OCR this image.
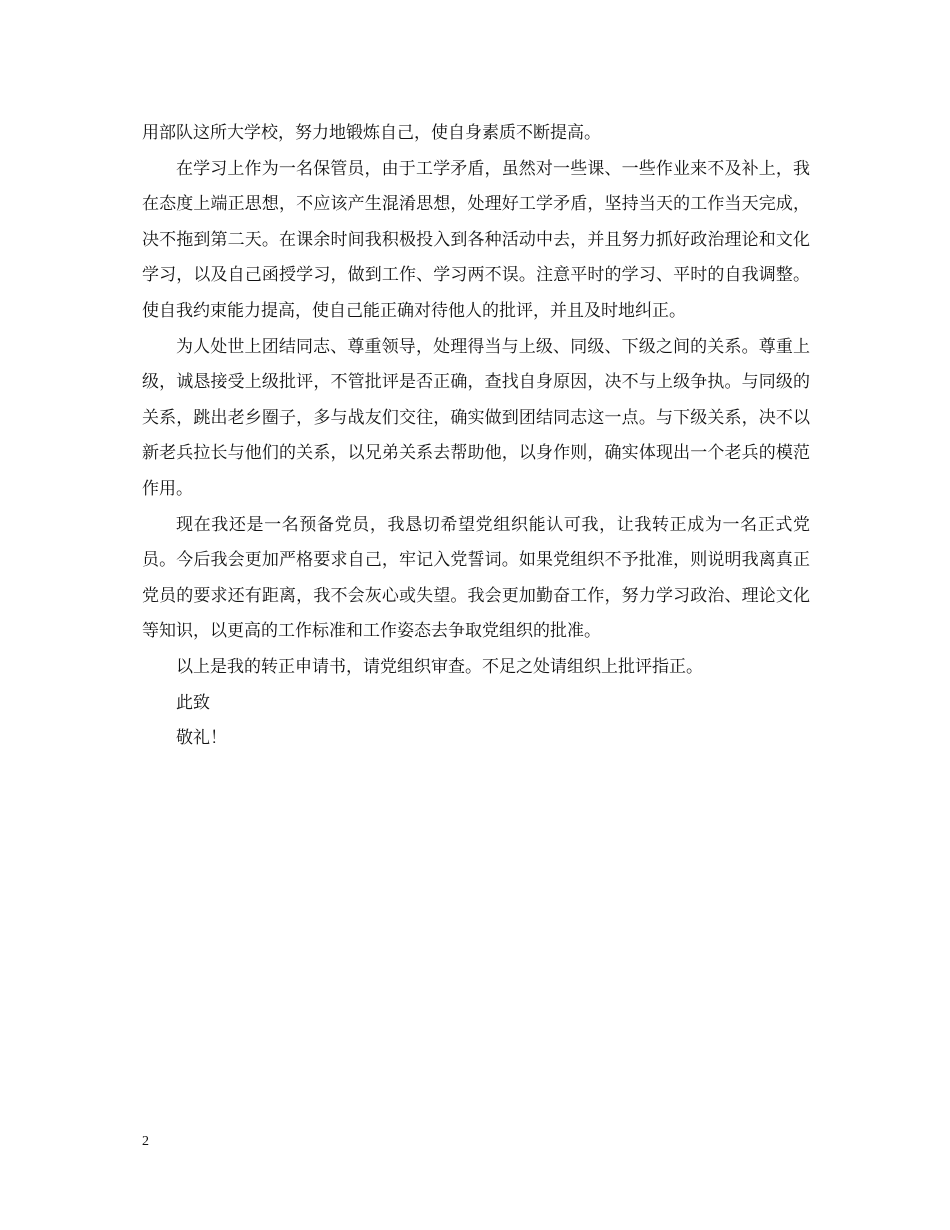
用部队这所大学校，努力地锻炼自己，使自身素质不断提高。

在学习上作为一名保管员，由于工学矛盾，虽然对一些课、一些作业来不及补上，我在态度上端正思想，不应该产生混淆思想，处理好工学矛盾，坚持当天的工作当天完成，决不拖到第二天。在课余时间我积极投入到各种活动中去，并且努力抓好政治理论和文化学习，以及自己函授学习，做到工作、学习两不误。注意平时的学习、平时的自我调整。使自我约束能力提高，使自己能正确对待他人的批评，并且及时地纠正。

为人处世上团结同志、尊重领导，处理得当与上级、同级、下级之间的关系。尊重上级，诚恳接受上级批评，不管批评是否正确，查找自身原因，决不与上级争执。与同级的关系，跳出老乡圈子，多与战友们交往，确实做到团结同志这一点。与下级关系，决不以新老兵拉长与他们的关系，以兄弟关系去帮助他，以身作则，确实体现出一个老兵的模范作用。

现在我还是一名预备党员，我恳切希望党组织能认可我，让我转正成为一名正式党员。今后我会更加严格要求自己，牢记入党誓词。如果党组织不予批准，则说明我离真正党员的要求还有距离，我不会灰心或失望。我会更加勤奋工作，努力学习政治、理论文化等知识，以更高的工作标准和工作姿态去争取党组织的批准。

以上是我的转正申请书，请党组织审查。不足之处请组织上批评指正。

此致

敬礼！

2
